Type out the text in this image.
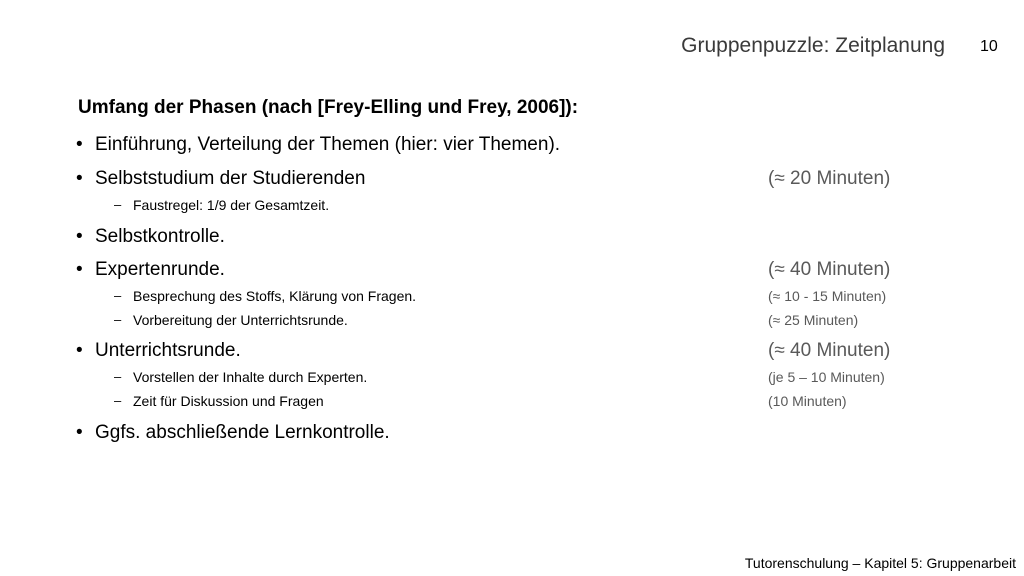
Gruppenpuzzle: Zeitplanung 10
Umfang der Phasen (nach [Frey-Elling und Frey, 2006]):
• Einführung, Verteilung der Themen (hier: vier Themen).
• Selbststudium der Studierenden	(≈ 20 Minuten)
– Faustregel: 1/9 der Gesamtzeit.
• Selbstkontrolle.
• Expertenrunde.	(≈ 40 Minuten)
– Besprechung des Stoffs, Klärung von Fragen.	(≈ 10 - 15 Minuten)
– Vorbereitung der Unterrichtsrunde.	(≈ 25 Minuten)
• Unterrichtsrunde.	(≈ 40 Minuten)
– Vorstellen der Inhalte durch Experten.	(je 5 – 10 Minuten)
– Zeit für Diskussion und Fragen	(10 Minuten)
• Ggfs. abschließende Lernkontrolle.
Tutorenschulung – Kapitel 5: Gruppenarbeit
